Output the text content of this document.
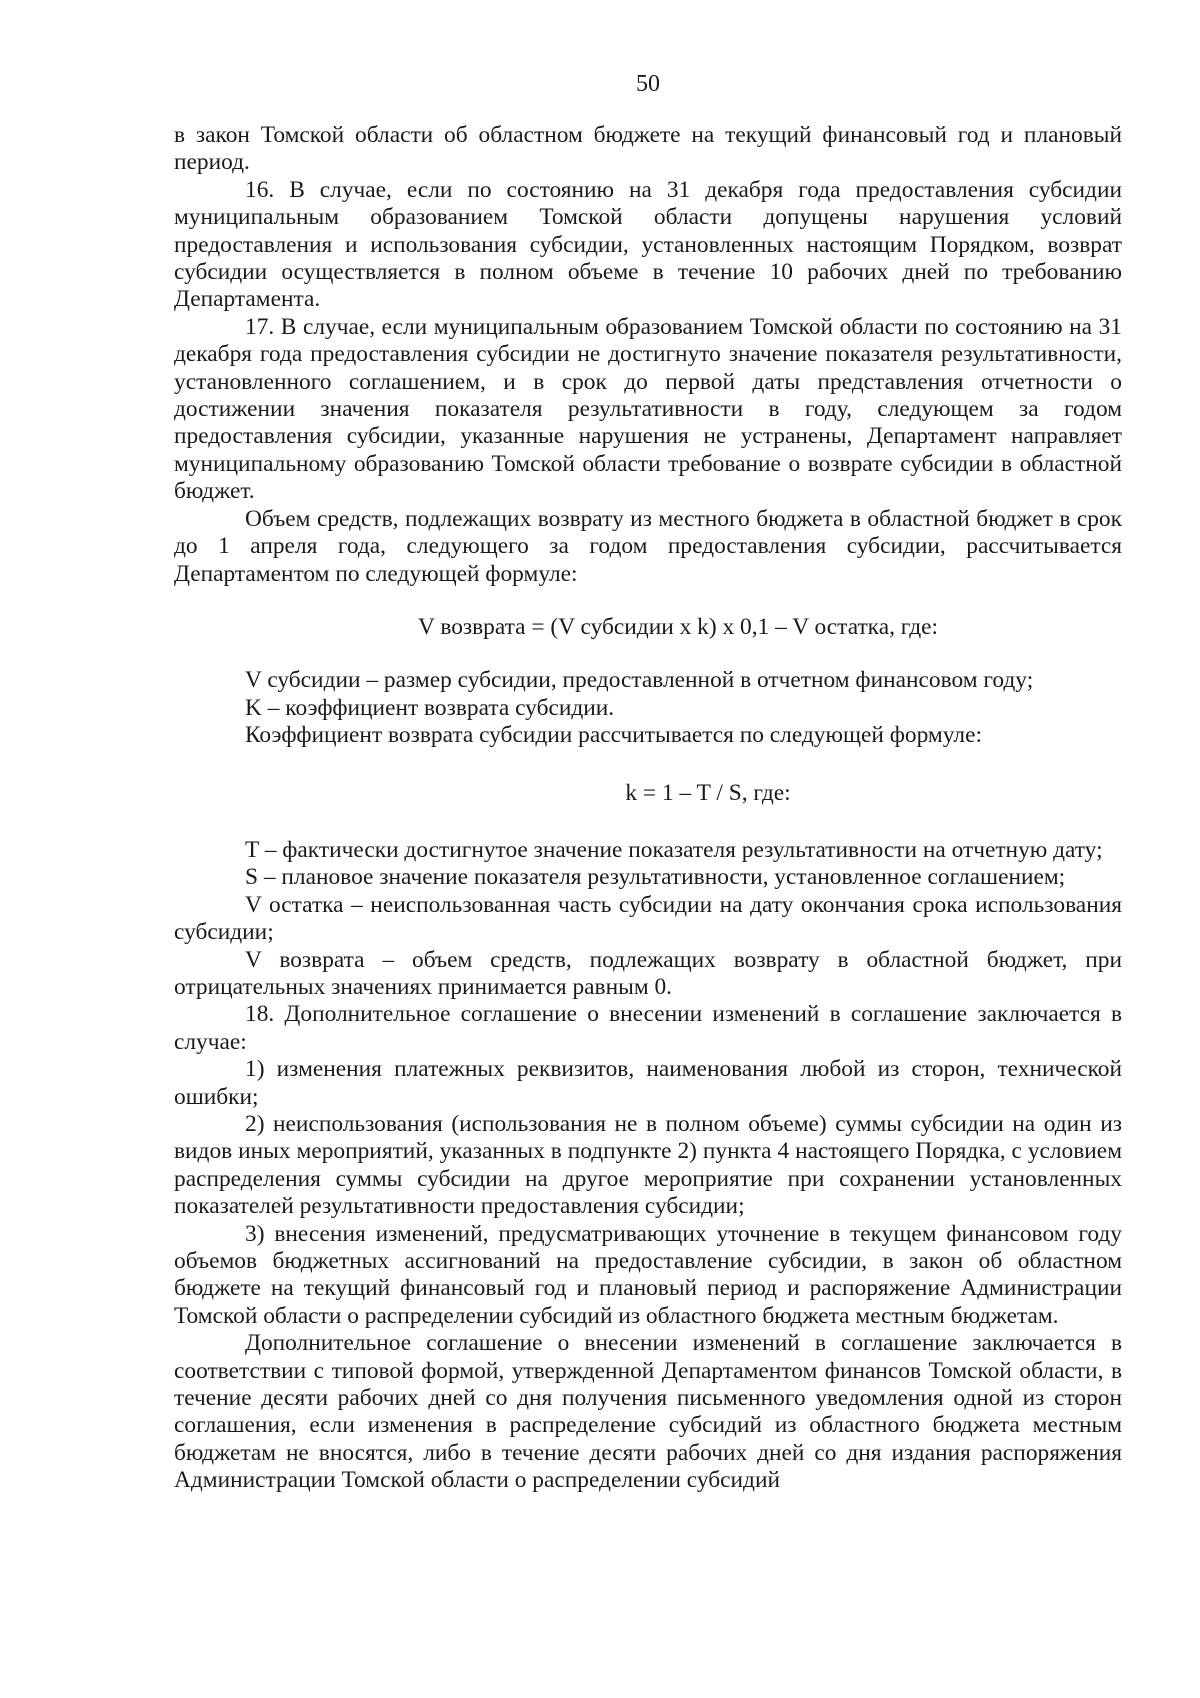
50

в закон Томской области об областном бюджете на текущий финансовый год и плановый период.

16. В случае, если по состоянию на 31 декабря года предоставления субсидии муниципальным образованием Томской области допущены нарушения условий предоставления и использования субсидии, установленных настоящим Порядком, возврат субсидии осуществляется в полном объеме в течение 10 рабочих дней по требованию Департамента.

17. В случае, если муниципальным образованием Томской области по состоянию на 31 декабря года предоставления субсидии не достигнуто значение показателя результативности, установленного соглашением, и в срок до первой даты представления отчетности о достижении значения показателя результативности в году, следующем за годом предоставления субсидии, указанные нарушения не устранены, Департамент направляет муниципальному образованию Томской области требование о возврате субсидии в областной бюджет.

Объем средств, подлежащих возврату из местного бюджета в областной бюджет в срок до 1 апреля года, следующего за годом предоставления субсидии, рассчитывается Департаментом по следующей формуле:

V возврата = (V субсидии x k) x 0,1 – V остатка, где:

V субсидии – размер субсидии, предоставленной в отчетном финансовом году;

K – коэффициент возврата субсидии.

Коэффициент возврата субсидии рассчитывается по следующей формуле:

k = 1 – T / S, где:

T – фактически достигнутое значение показателя результативности на отчетную дату;

S – плановое значение показателя результативности, установленное соглашением;

V остатка – неиспользованная часть субсидии на дату окончания срока использования субсидии;

V возврата – объем средств, подлежащих возврату в областной бюджет, при отрицательных значениях принимается равным 0.

18. Дополнительное соглашение о внесении изменений в соглашение заключается в случае:

1) изменения платежных реквизитов, наименования любой из сторон, технической ошибки;

2) неиспользования (использования не в полном объеме) суммы субсидии на один из видов иных мероприятий, указанных в подпункте 2) пункта 4 настоящего Порядка, с условием распределения суммы субсидии на другое мероприятие при сохранении установленных показателей результативности предоставления субсидии;

3) внесения изменений, предусматривающих уточнение в текущем финансовом году объемов бюджетных ассигнований на предоставление субсидии, в закон об областном бюджете на текущий финансовый год и плановый период и распоряжение Администрации Томской области о распределении субсидий из областного бюджета местным бюджетам.

Дополнительное соглашение о внесении изменений в соглашение заключается в соответствии с типовой формой, утвержденной Департаментом финансов Томской области, в течение десяти рабочих дней со дня получения письменного уведомления одной из сторон соглашения, если изменения в распределение субсидий из областного бюджета местным бюджетам не вносятся, либо в течение десяти рабочих дней со дня издания распоряжения Администрации Томской области о распределении субсидий
